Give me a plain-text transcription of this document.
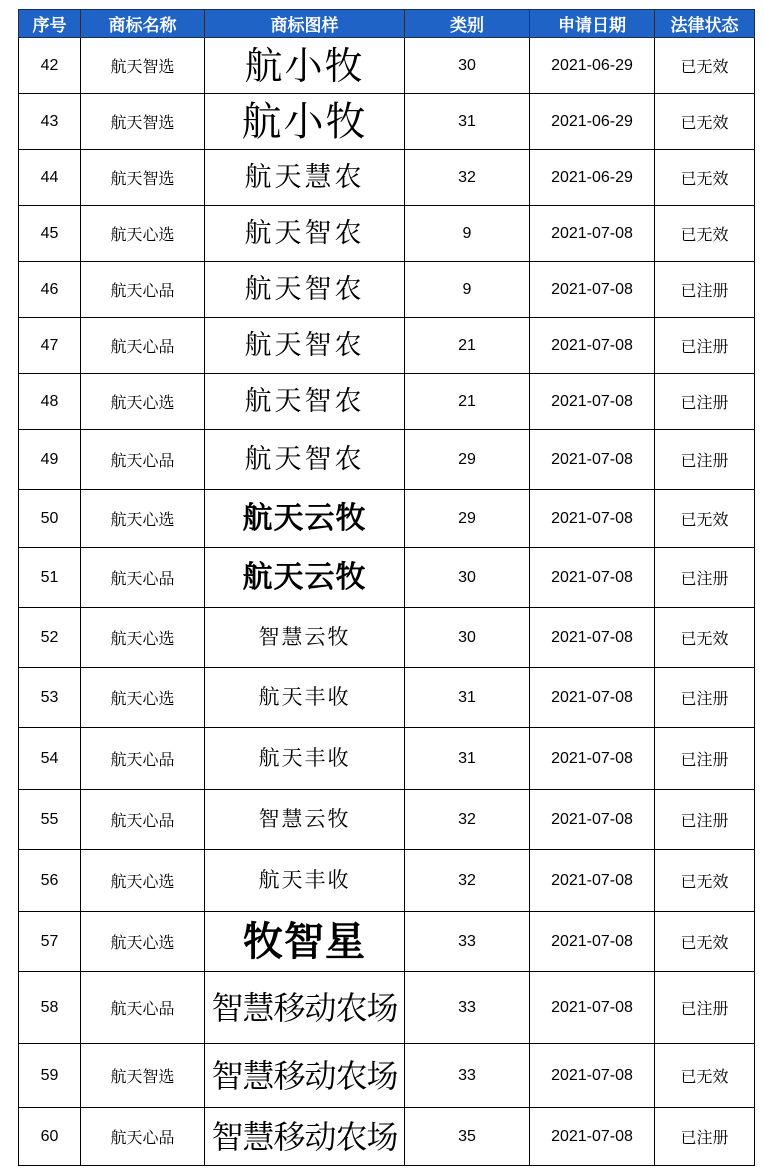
序号	商标名称	商标图样	类别	申请日期	法律状态
42	航天智选	航小牧	30	2021-06-29	已无效
43	航天智选	航小牧	31	2021-06-29	已无效
44	航天智选	航天慧农	32	2021-06-29	已无效
45	航天心选	航天智农	9	2021-07-08	已无效
46	航天心品	航天智农	9	2021-07-08	已注册
47	航天心品	航天智农	21	2021-07-08	已注册
48	航天心选	航天智农	21	2021-07-08	已注册
49	航天心品	航天智农	29	2021-07-08	已注册
50	航天心选	航天云牧	29	2021-07-08	已无效
51	航天心品	航天云牧	30	2021-07-08	已注册
52	航天心选	智慧云牧	30	2021-07-08	已无效
53	航天心选	航天丰收	31	2021-07-08	已注册
54	航天心品	航天丰收	31	2021-07-08	已注册
55	航天心品	智慧云牧	32	2021-07-08	已注册
56	航天心选	航天丰收	32	2021-07-08	已无效
57	航天心选	牧智星	33	2021-07-08	已无效
58	航天心品	智慧移动农场	33	2021-07-08	已注册
59	航天智选	智慧移动农场	33	2021-07-08	已无效
60	航天心品	智慧移动农场	35	2021-07-08	已注册
